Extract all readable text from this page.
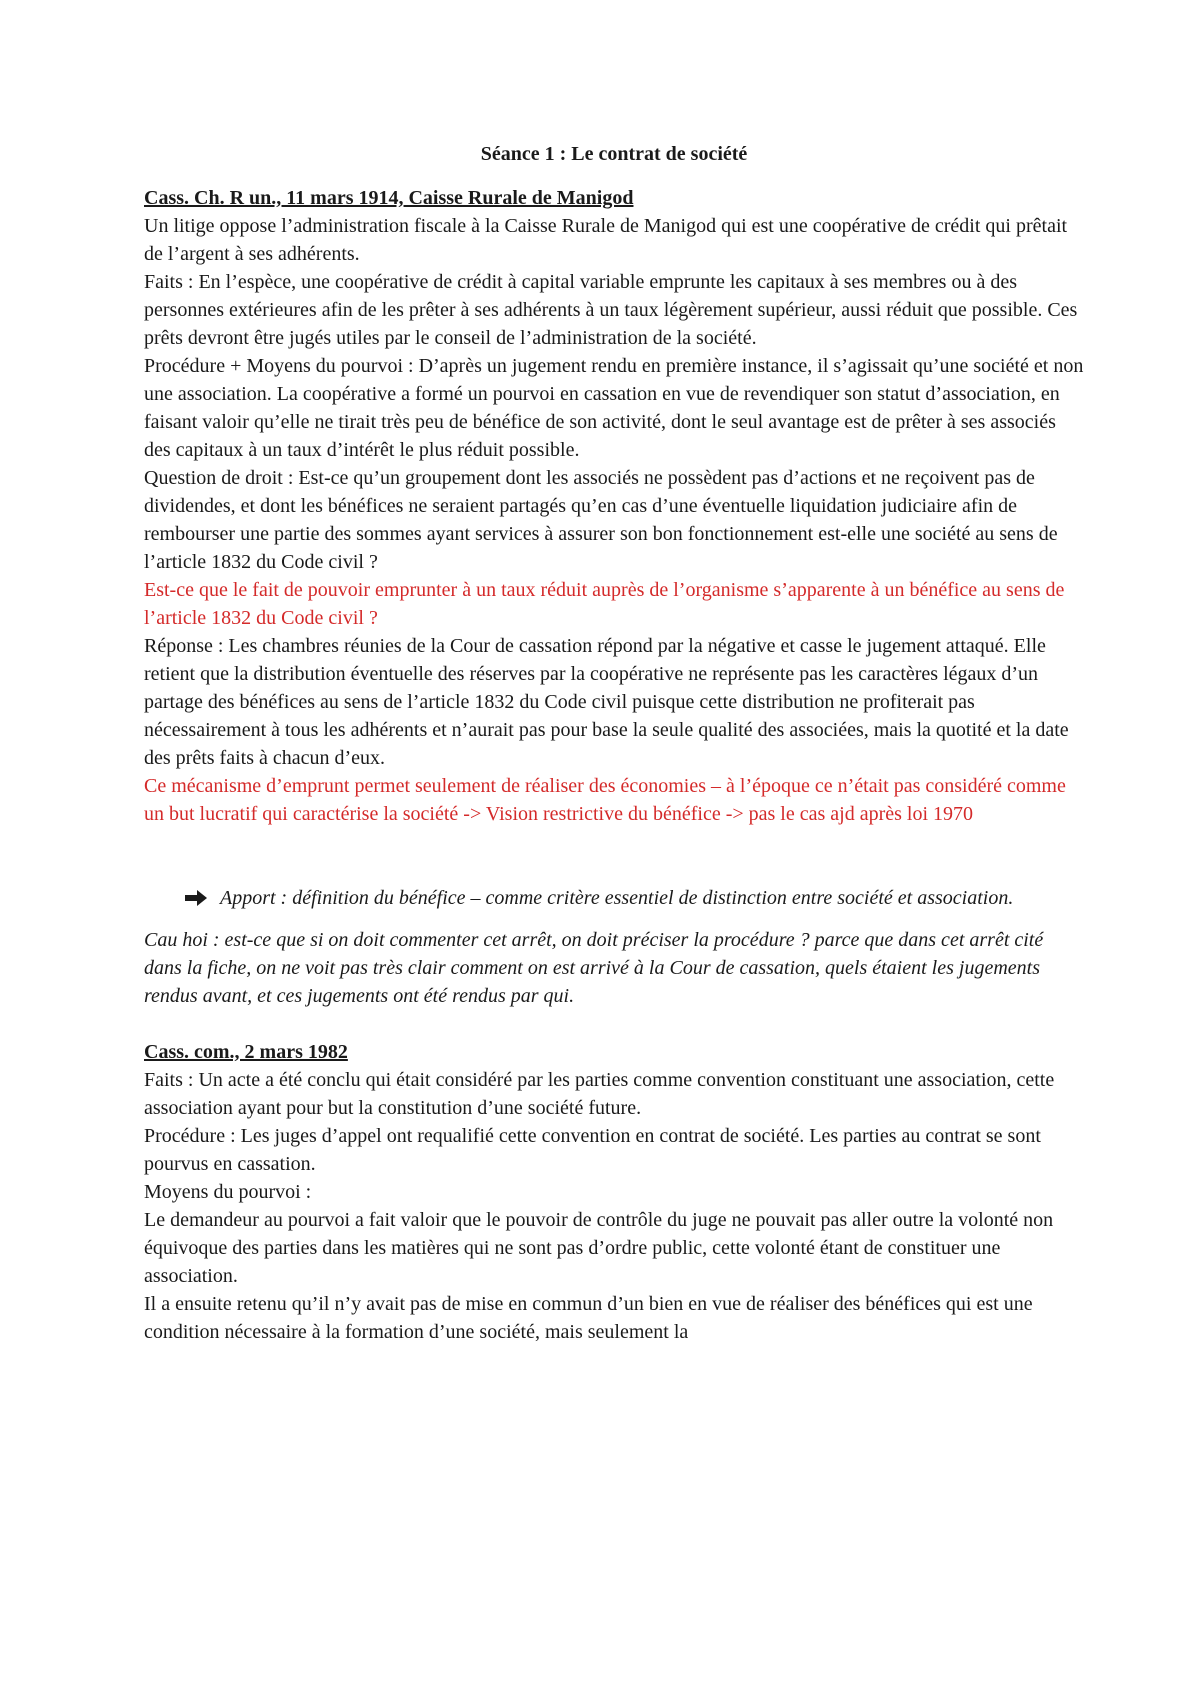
Séance 1 : Le contrat de société

Cass. Ch. R un., 11 mars 1914, Caisse Rurale de Manigod

Un litige oppose l’administration fiscale à la Caisse Rurale de Manigod qui est une coopérative de crédit qui prêtait de l’argent à ses adhérents.

Faits : En l’espèce, une coopérative de crédit à capital variable emprunte les capitaux à ses membres ou à des personnes extérieures afin de les prêter à ses adhérents à un taux légèrement supérieur, aussi réduit que possible. Ces prêts devront être jugés utiles par le conseil de l’administration de la société.

Procédure + Moyens du pourvoi : D’après un jugement rendu en première instance, il s’agissait qu’une société et non une association. La coopérative a formé un pourvoi en cassation en vue de revendiquer son statut d’association, en faisant valoir qu’elle ne tirait très peu de bénéfice de son activité, dont le seul avantage est de prêter à ses associés des capitaux à un taux d’intérêt le plus réduit possible.

Question de droit : Est-ce qu’un groupement dont les associés ne possèdent pas d’actions et ne reçoivent pas de dividendes, et dont les bénéfices ne seraient partagés qu’en cas d’une éventuelle liquidation judiciaire afin de rembourser une partie des sommes ayant services à assurer son bon fonctionnement est-elle une société au sens de l’article 1832 du Code civil ?

Est-ce que le fait de pouvoir emprunter à un taux réduit auprès de l’organisme s’apparente à un bénéfice au sens de l’article 1832 du Code civil ?

Réponse : Les chambres réunies de la Cour de cassation répond par la négative et casse le jugement attaqué. Elle retient que la distribution éventuelle des réserves par la coopérative ne représente pas les caractères légaux d’un partage des bénéfices au sens de l’article 1832 du Code civil puisque cette distribution ne profiterait pas nécessairement à tous les adhérents et n’aurait pas pour base la seule qualité des associées, mais la quotité et la date des prêts faits à chacun d’eux.

Ce mécanisme d’emprunt permet seulement de réaliser des économies – à l’époque ce n’était pas considéré comme un but lucratif qui caractérise la société -> Vision restrictive du bénéfice -> pas le cas ajd après loi 1970

Apport : définition du bénéfice – comme critère essentiel de distinction entre société et association.

Cau hoi : est-ce que si on doit commenter cet arrêt, on doit préciser la procédure ? parce que dans cet arrêt cité dans la fiche, on ne voit pas très clair comment on est arrivé à la Cour de cassation, quels étaient les jugements rendus avant, et ces jugements ont été rendus par qui.

Cass. com., 2 mars 1982

Faits : Un acte a été conclu qui était considéré par les parties comme convention constituant une association, cette association ayant pour but la constitution d’une société future.

Procédure : Les juges d’appel ont requalifié cette convention en contrat de société. Les parties au contrat se sont pourvus en cassation.

Moyens du pourvoi :

Le demandeur au pourvoi a fait valoir que le pouvoir de contrôle du juge ne pouvait pas aller outre la volonté non équivoque des parties dans les matières qui ne sont pas d’ordre public, cette volonté étant de constituer une association.

Il a ensuite retenu qu’il n’y avait pas de mise en commun d’un bien en vue de réaliser des bénéfices qui est une condition nécessaire à la formation d’une société, mais seulement la
